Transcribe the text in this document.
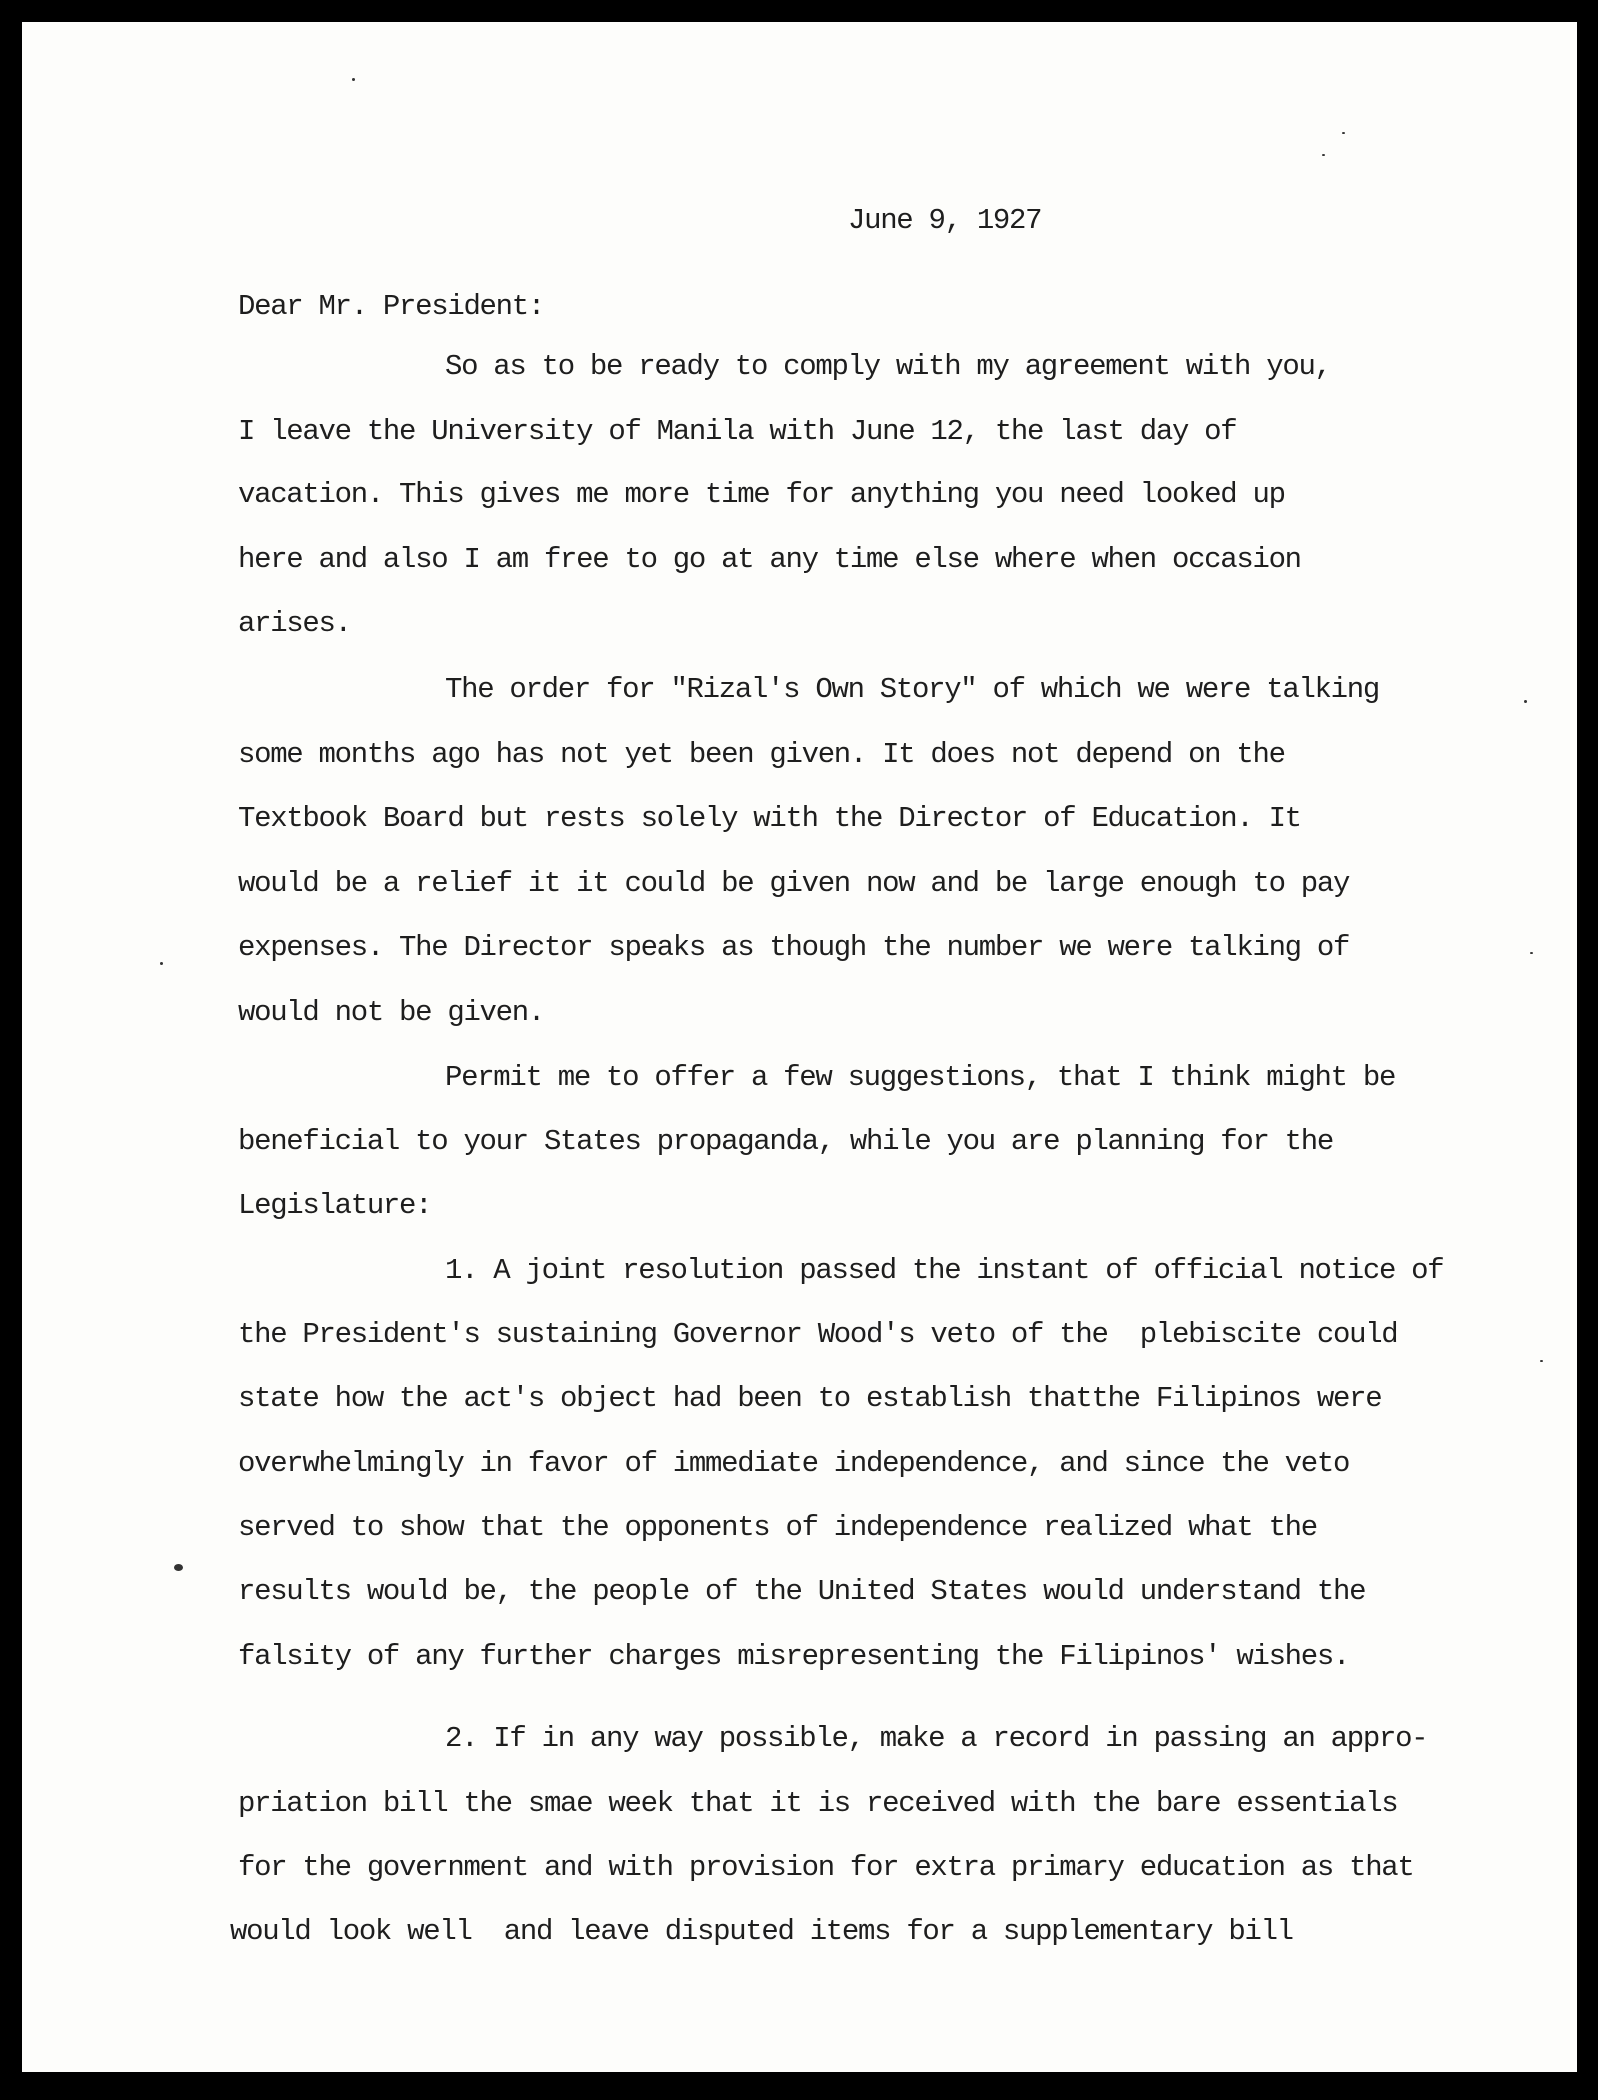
June 9, 1927
Dear Mr. President:
So as to be ready to comply with my agreement with you,
I leave the University of Manila with June 12, the last day of
vacation. This gives me more time for anything you need looked up
here and also I am free to go at any time else where when occasion
arises.
The order for "Rizal's Own Story" of which we were talking
some months ago has not yet been given. It does not depend on the
Textbook Board but rests solely with the Director of Education. It
would be a relief it it could be given now and be large enough to pay
expenses. The Director speaks as though the number we were talking of
would not be given.
Permit me to offer a few suggestions, that I think might be
beneficial to your States propaganda, while you are planning for the
Legislature:
1. A joint resolution passed the instant of official notice of
the President's sustaining Governor Wood's veto of the  plebiscite could
state how the act's object had been to establish thatthe Filipinos were
overwhelmingly in favor of immediate independence, and since the veto
served to show that the opponents of independence realized what the
results would be, the people of the United States would understand the
falsity of any further charges misrepresenting the Filipinos' wishes.
2. If in any way possible, make a record in passing an appro-
priation bill the smae week that it is received with the bare essentials
for the government and with provision for extra primary education as that
would look well  and leave disputed items for a supplementary bill
